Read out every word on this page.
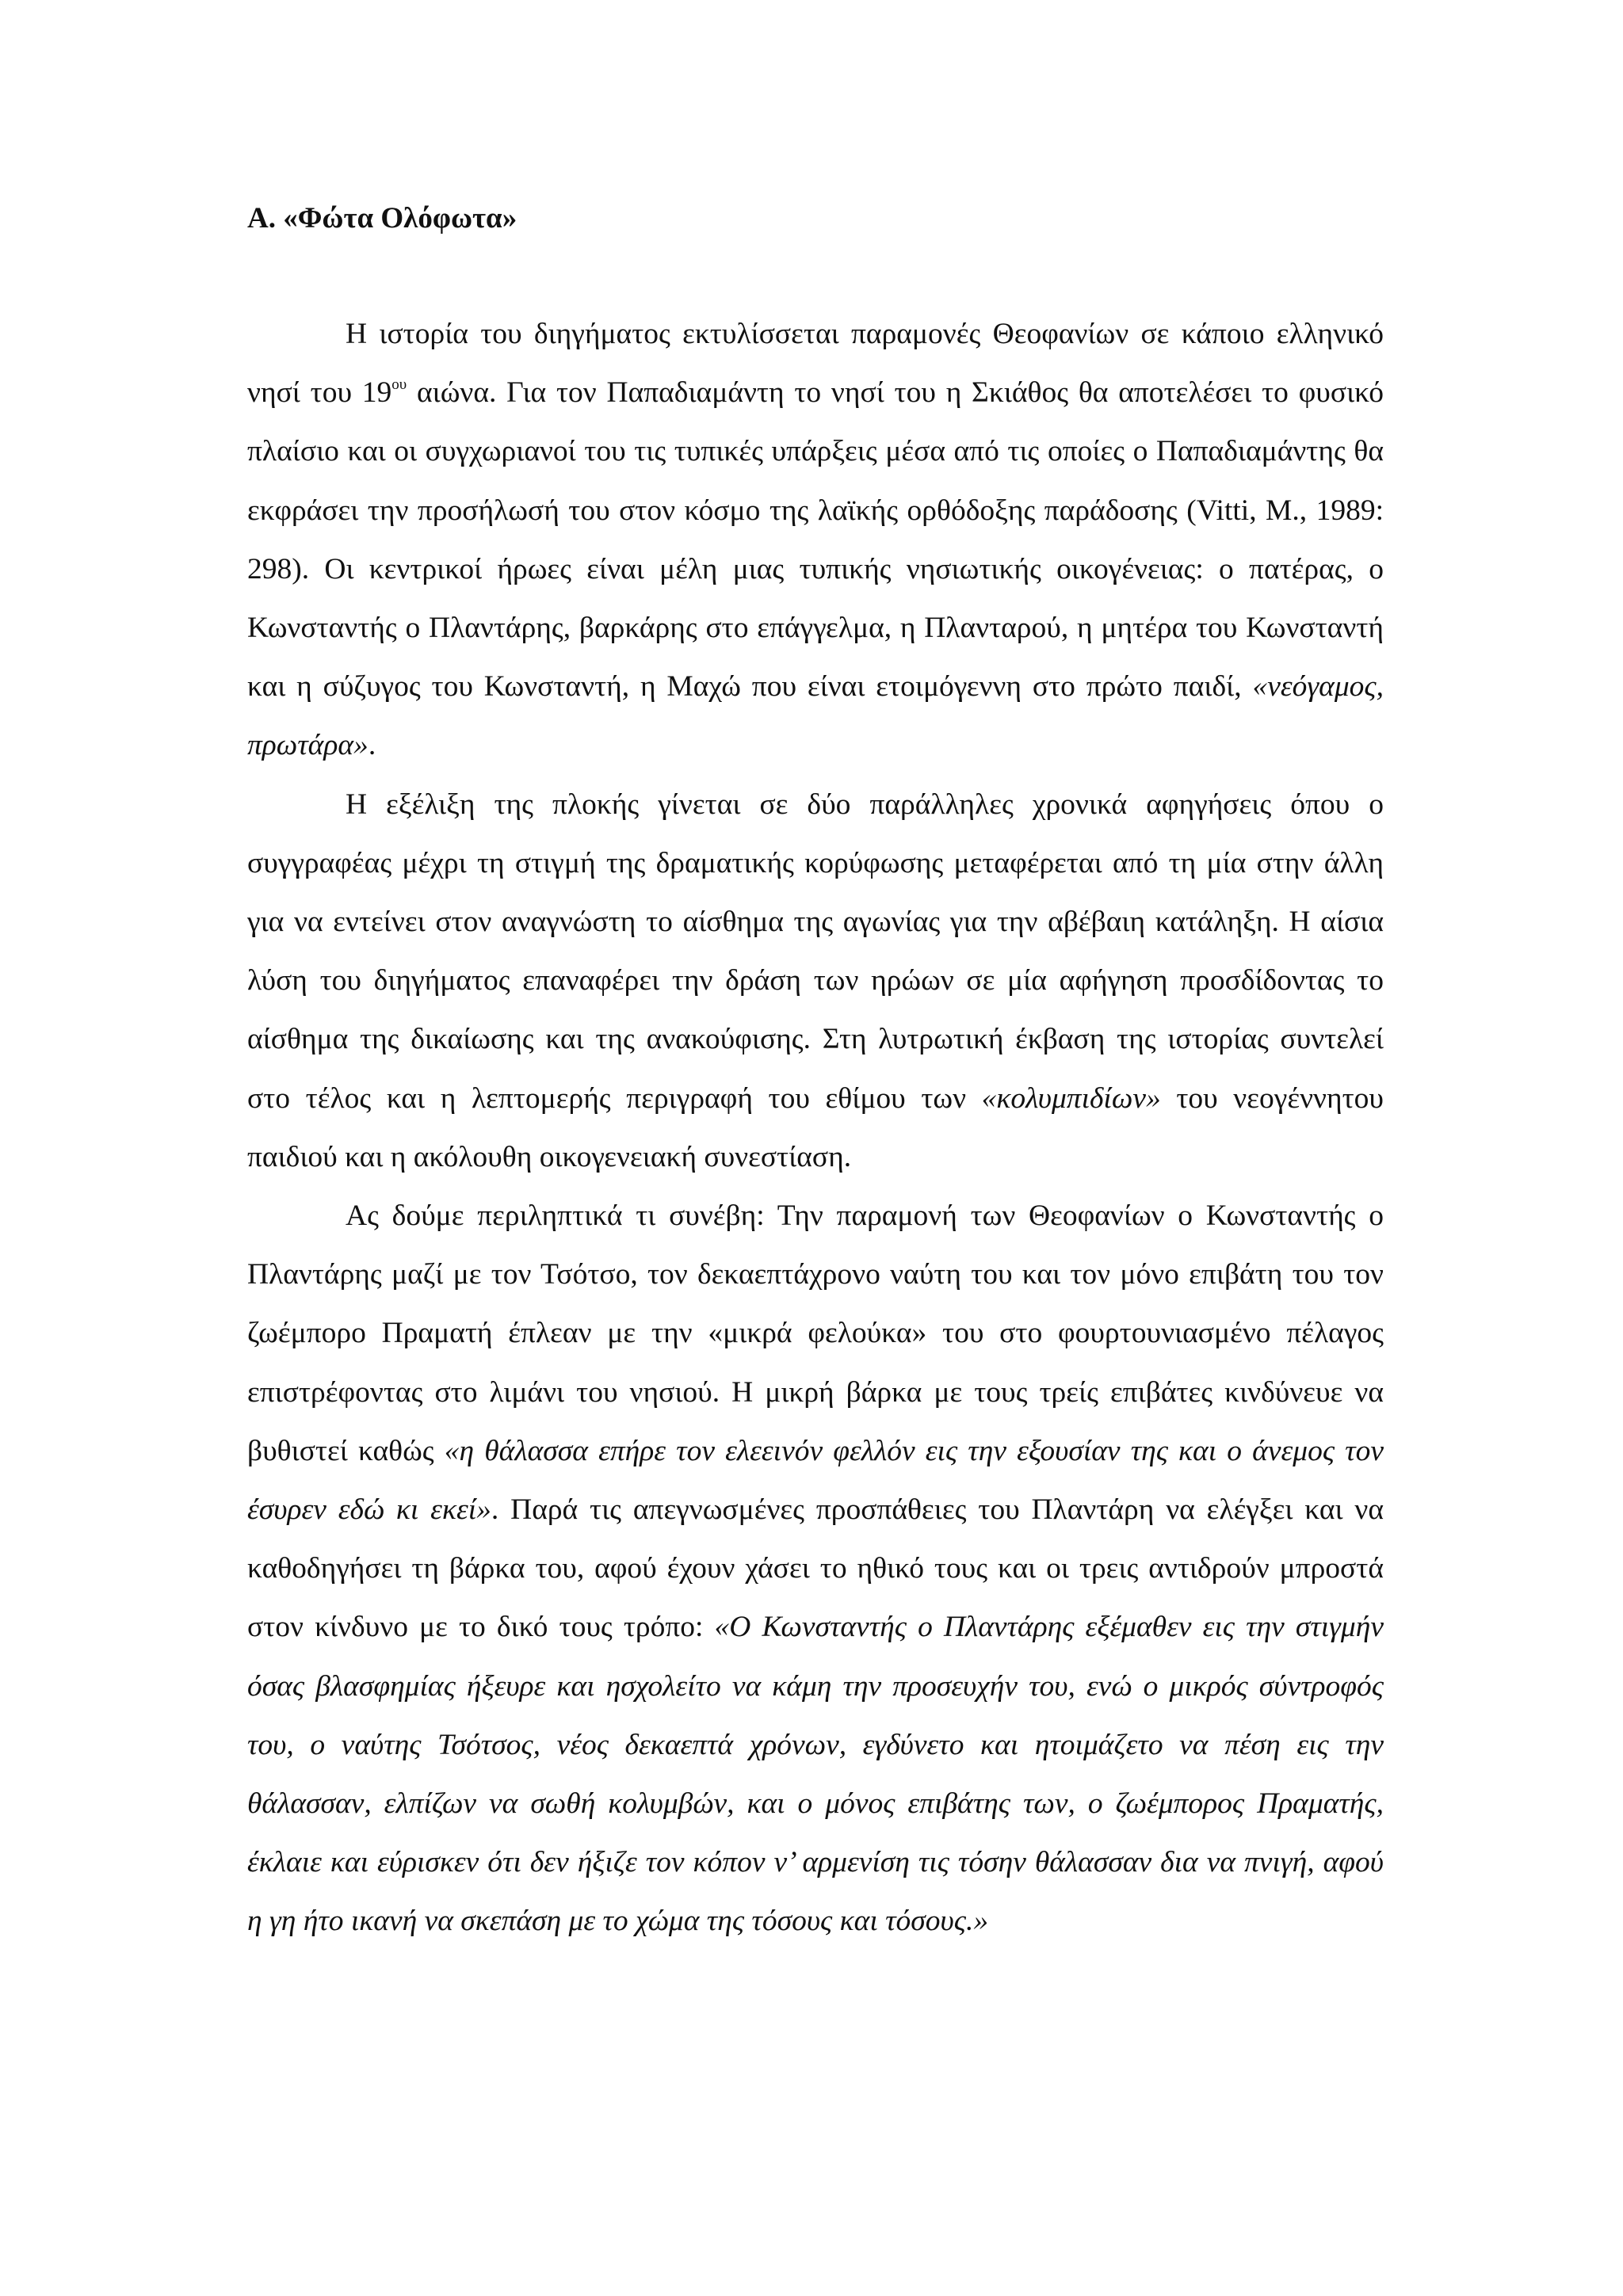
Α. «Φώτα Ολόφωτα»

Η ιστορία του διηγήματος εκτυλίσσεται παραμονές Θεοφανίων σε κάποιο ελληνικό νησί του $19^{o\upsilon}$ αιώνα. Για τον Παπαδιαμάντη το νησί του η Σκιάθος θα αποτελέσει το φυσικό πλαίσιο και οι συγχωριανοί του τις τυπικές υπάρξεις μέσα από τις οποίες ο Παπαδιαμάντης θα εκφράσει την προσήλωσή του στον κόσμο της λαϊκής ορθόδοξης παράδοσης (Vitti, M., 1989: 298). Οι κεντρικοί ήρωες είναι μέλη μιας τυπικής νησιωτικής οικογένειας: ο πατέρας, ο Κωνσταντής ο Πλαντάρης, βαρκάρης στο επάγγελμα, η Πλανταρού, η μητέρα του Κωνσταντή και η σύζυγος του Κωνσταντή, η Μαχώ που είναι ετοιμόγεννη στο πρώτο παιδί, «νεόγαμος, πρωτάρα».

Η εξέλιξη της πλοκής γίνεται σε δύο παράλληλες χρονικά αφηγήσεις όπου ο συγγραφέας μέχρι τη στιγμή της δραματικής κορύφωσης μεταφέρεται από τη μία στην άλλη για να εντείνει στον αναγνώστη το αίσθημα της αγωνίας για την αβέβαιη κατάληξη. Η αίσια λύση του διηγήματος επαναφέρει την δράση των ηρώων σε μία αφήγηση προσδίδοντας το αίσθημα της δικαίωσης και της ανακούφισης. Στη λυτρωτική έκβαση της ιστορίας συντελεί στο τέλος και η λεπτομερής περιγραφή του εθίμου των «κολυμπιδίων» του νεογέννητου παιδιού και η ακόλουθη οικογενειακή συνεστίαση.

Ας δούμε περιληπτικά τι συνέβη: Την παραμονή των Θεοφανίων ο Κωνσταντής ο Πλαντάρης μαζί με τον Τσότσο, τον δεκαεπτάχρονο ναύτη του και τον μόνο επιβάτη του τον ζωέμπορο Πραματή έπλεαν με την «μικρά φελούκα» του στο φουρτουνιασμένο πέλαγος επιστρέφοντας στο λιμάνι του νησιού. Η μικρή βάρκα με τους τρείς επιβάτες κινδύνευε να βυθιστεί καθώς «η θάλασσα επήρε τον ελεεινόν φελλόν εις την εξουσίαν της και ο άνεμος τον έσυρεν εδώ κι εκεί». Παρά τις απεγνωσμένες προσπάθειες του Πλαντάρη να ελέγξει και να καθοδηγήσει τη βάρκα του, αφού έχουν χάσει το ηθικό τους και οι τρεις αντιδρούν μπροστά στον κίνδυνο με το δικό τους τρόπο: «Ο Κωνσταντής ο Πλαντάρης εξέμαθεν εις την στιγμήν όσας βλασφημίας ήξευρε και ησχολείτο να κάμη την προσευχήν του, ενώ ο μικρός σύντροφός του, ο ναύτης Τσότσος, νέος δεκαεπτά χρόνων, εγδύνετο και ητοιμάζετο να πέση εις την θάλασσαν, ελπίζων να σωθή κολυμβών, και ο μόνος επιβάτης των, ο ζωέμπορος Πραματής, έκλαιε και εύρισκεν ότι δεν ήξιζε τον κόπον ν’ αρμενίση τις τόσην θάλασσαν δια να πνιγή, αφού η γη ήτο ικανή να σκεπάση με το χώμα της τόσους και τόσους.»
